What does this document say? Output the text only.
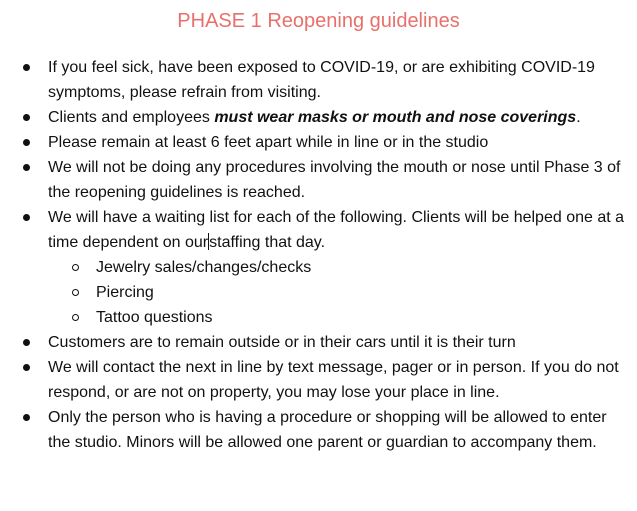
PHASE 1 Reopening guidelines
If you feel sick, have been exposed to COVID-19, or are exhibiting COVID-19 symptoms, please refrain from visiting.
Clients and employees must wear masks or mouth and nose coverings.
Please remain at least 6 feet apart while in line or in the studio
We will not be doing any procedures involving the mouth or nose until Phase 3 of the reopening guidelines is reached.
We will have a waiting list for each of the following. Clients will be helped one at a time dependent on ourstaffing that day.
Jewelry sales/changes/checks
Piercing
Tattoo questions
Customers are to remain outside or in their cars until it is their turn
We will contact the next in line by text message, pager or in person. If you do not respond, or are not on property, you may lose your place in line.
Only the person who is having a procedure or shopping will be allowed to enter the studio. Minors will be allowed one parent or guardian to accompany them.
